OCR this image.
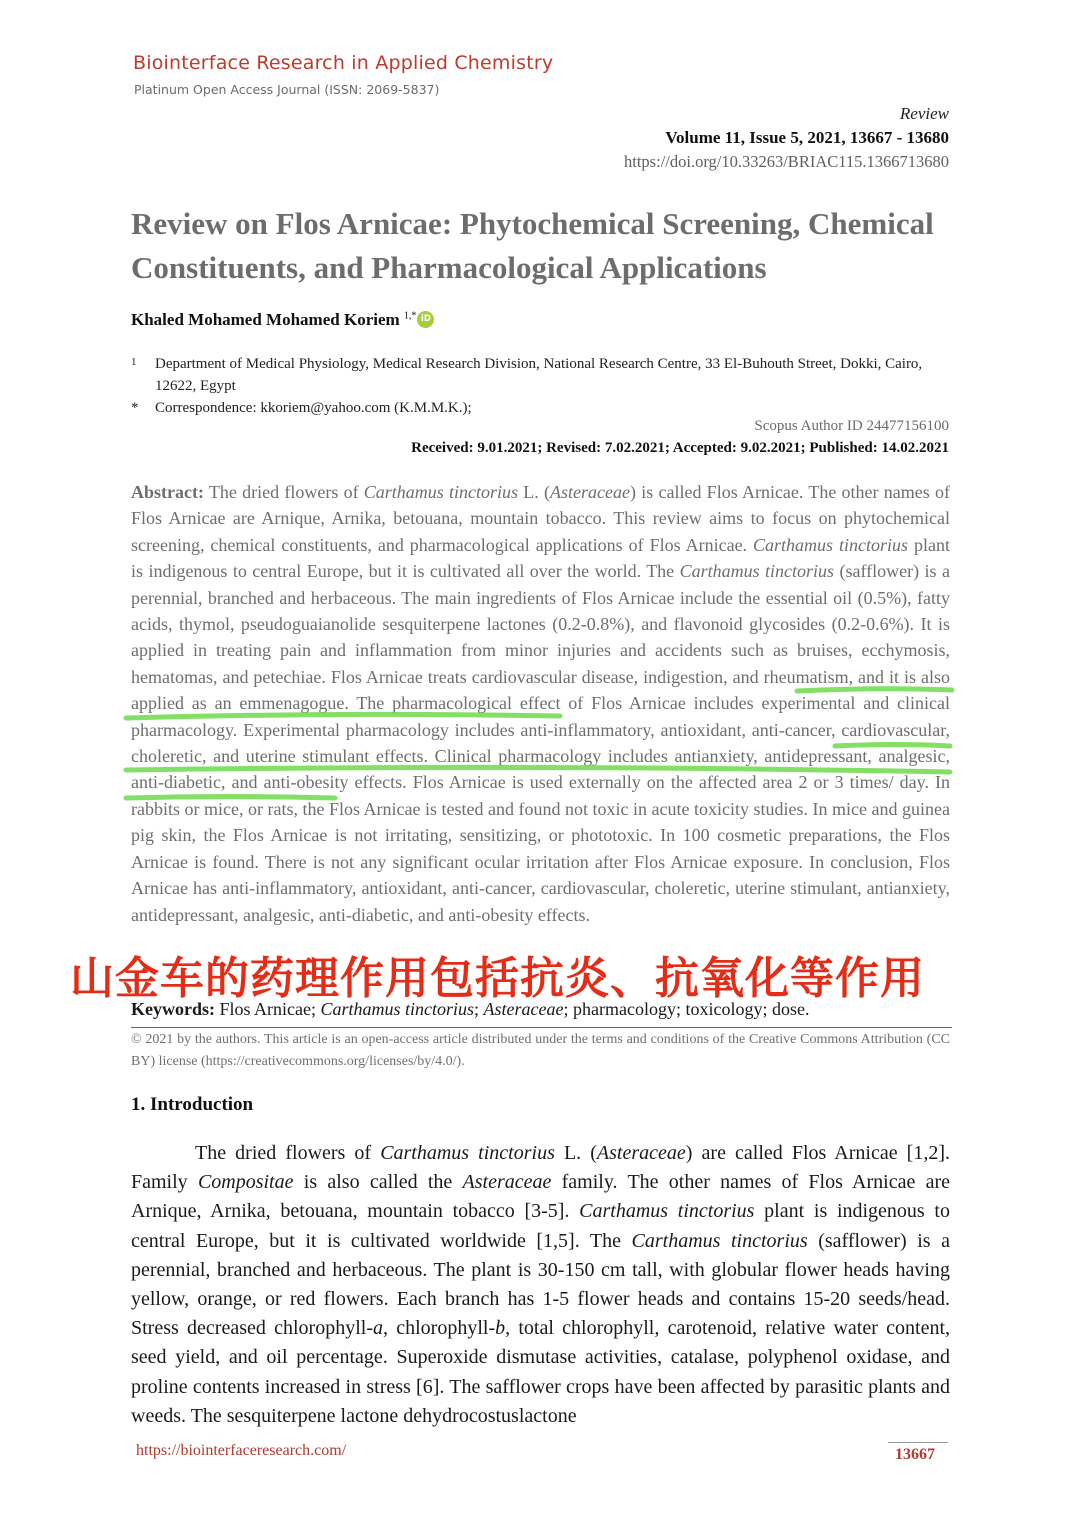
Biointerface Research in Applied Chemistry
Platinum Open Access Journal (ISSN: 2069-5837)
Review
Volume 11, Issue 5, 2021, 13667 - 13680
https://doi.org/10.33263/BRIAC115.1366713680
Review on Flos Arnicae: Phytochemical Screening, Chemical Constituents, and Pharmacological Applications
Khaled Mohamed Mohamed Koriem $^{1,*}$ iD
1 Department of Medical Physiology, Medical Research Division, National Research Centre, 33 El-Buhouth Street, Dokki, Cairo, 12622, Egypt
* Correspondence: kkoriem@yahoo.com (K.M.M.K.);
Scopus Author ID 24477156100
Received: 9.01.2021; Revised: 7.02.2021; Accepted: 9.02.2021; Published: 14.02.2021
Abstract: The dried flowers of Carthamus tinctorius L. (Asteraceae) is called Flos Arnicae. The other names of Flos Arnicae are Arnique, Arnika, betouana, mountain tobacco. This review aims to focus on phytochemical screening, chemical constituents, and pharmacological applications of Flos Arnicae. Carthamus tinctorius plant is indigenous to central Europe, but it is cultivated all over the world. The Carthamus tinctorius (safflower) is a perennial, branched and herbaceous. The main ingredients of Flos Arnicae include the essential oil (0.5%), fatty acids, thymol, pseudoguaianolide sesquiterpene lactones (0.2-0.8%), and flavonoid glycosides (0.2-0.6%). It is applied in treating pain and inflammation from minor injuries and accidents such as bruises, ecchymosis, hematomas, and petechiae. Flos Arnicae treats cardiovascular disease, indigestion, and rheumatism, and it is also applied as an emmenagogue. The pharmacological effect of Flos Arnicae includes experimental and clinical pharmacology. Experimental pharmacology includes anti-inflammatory, antioxidant, anti-cancer, cardiovascular, choleretic, and uterine stimulant effects. Clinical pharmacology includes antianxiety, antidepressant, analgesic, anti-diabetic, and anti-obesity effects. Flos Arnicae is used externally on the affected area 2 or 3 times/ day. In rabbits or mice, or rats, the Flos Arnicae is tested and found not toxic in acute toxicity studies. In mice and guinea pig skin, the Flos Arnicae is not irritating, sensitizing, or phototoxic. In 100 cosmetic preparations, the Flos Arnicae is found. There is not any significant ocular irritation after Flos Arnicae exposure. In conclusion, Flos Arnicae has anti-inflammatory, antioxidant, anti-cancer, cardiovascular, choleretic, uterine stimulant, antianxiety, antidepressant, analgesic, anti-diabetic, and anti-obesity effects.
山金车的药理作用包括抗炎、抗氧化等作用
Keywords: Flos Arnicae; Carthamus tinctorius; Asteraceae; pharmacology; toxicology; dose.
© 2021 by the authors. This article is an open-access article distributed under the terms and conditions of the Creative Commons Attribution (CC BY) license (https://creativecommons.org/licenses/by/4.0/).
1. Introduction
The dried flowers of Carthamus tinctorius L. (Asteraceae) are called Flos Arnicae [1,2]. Family Compositae is also called the Asteraceae family. The other names of Flos Arnicae are Arnique, Arnika, betouana, mountain tobacco [3-5]. Carthamus tinctorius plant is indigenous to central Europe, but it is cultivated worldwide [1,5]. The Carthamus tinctorius (safflower) is a perennial, branched and herbaceous. The plant is 30-150 cm tall, with globular flower heads having yellow, orange, or red flowers. Each branch has 1-5 flower heads and contains 15-20 seeds/head. Stress decreased chlorophyll-a, chlorophyll-b, total chlorophyll, carotenoid, relative water content, seed yield, and oil percentage. Superoxide dismutase activities, catalase, polyphenol oxidase, and proline contents increased in stress [6]. The safflower crops have been affected by parasitic plants and weeds. The sesquiterpene lactone dehydrocostuslactone
https://biointerfaceresearch.com/	13667
